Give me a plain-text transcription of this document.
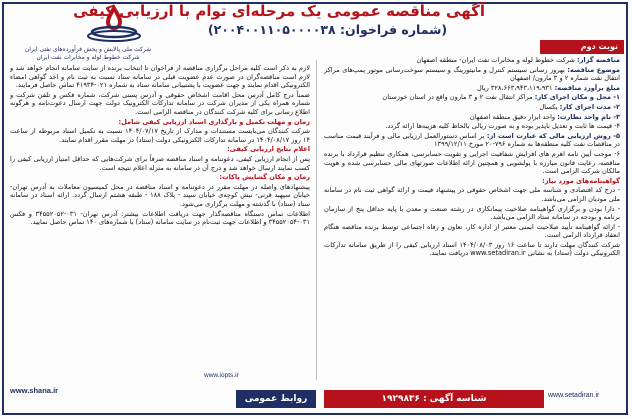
شرکت ملی پالایش و پخش فرآورده‌های نفتی ایران
شرکت خطوط لوله و مخابرات نفت ایران
آگهی مناقصه عمومی یک مرحله‌ای توام با ارزیابی کیفی
(شماره فراخوان: ۲۰۰۴۰۰۱۱۰۵۰۰۰۰۳۸)
نوبت دوم

مناقصه گزار: شرکت خطوط لوله و مخابرات نفت ایران- منطقه اصفهان

موضوع مناقصه: بهروز رسانی سیستم کنترل و مانیتورینگ و سیستم سوخت‌رسانی موتور پمپ‌های مراکز انتقال نفت شماره ۲ و ۳ مارون/ اصفهان

مبلغ برآورد مناقصه: ۳۲۸،۶۶۳،۹۴۳،۱۱۹،۹۳۱ ریال

۱- محل و مکان اجرای کار: مراکز انتقال نفت ۲ و ۳ مارون واقع در استان خوزستان

۲- مدت اجرای کار: یکسال

۳- نام واحد نظارت: واحد ابزار دقیق منطقه اصفهان

۴- قیمت ها ثابت و تعدیل ناپذیر بوده و به صورت ریالی بالحاظ کلیه هزینه‌ها ارائه گردد.

۵- روش ارزیابی مالی که عبارت است از: بر اساس دستورالعمل ارزیابی مالی و فرآیند قیمت مناسب در مناقصات نفت کلیه منطقه‌ها به شماره ۷۹۶-۲۰ مورخ ۱۳۹۹/۱۲/۱۱

۶- موجب آیین نامه اهرم های افزایش شفافیت اجرایی و تقویت حسابرسی، همکاری تنظیم قرارداد با برنده مناقصه، رعایت قانون مبارزه با پولشویی و همچنین ارائه اطلاعات صورتهای مالی حسابرسی شده و هویت مالکان شرکت الزامی است.

گواهینامه‌های مورد نیاز:

- درج کد اقتصادی و شناسه ملی جهت اشخاص حقوقی در پیشنهاد قیمت و ارائه گواهی ثبت نام در سامانه ملی مودیان الزامی می‌باشد.

- دارا بودن و برگزاری گواهینامه صلاحیت پیمانکاری در رشته صنعت و معدن با پایه حداقل پنج از سازمان برنامه و بودجه در سامانه ستاد الزامی می‌باشد.

- ارائه گواهینامه تأیید صلاحیت ایمنی معتبر از اداره کار، تعاون و رفاه اجتماعی توسط برنده مناقصه هنگام انعقاد قرارداد الزامی است.

شرکت کنندگان مهلت دارند تا ساعت ۱۶ روز ۱۴۰۴/۰۸/۰۳ اسناد ارزیابی کیفی را از طریق سامانه تدارکات الکترونیکی دولت (ستاد) به نشانی www.setadiran.ir دریافت نمایند.

لازم به ذکر است کلیه مراحل برگزاری مناقصه از فراخوان تا انتخاب برنده از سایت سامانه انجام خواهد شد و لازم است مناقصه‌گران در صورت عدم عضویت قبلی در سامانه ستاد نسبت به ثبت نام و اخذ گواهی امضاء الکترونیکی اقدام نمایند و جهت عضویت با پشتیبانی سامانه ستاد به شماره ۰۲۱-۴۱۹۳۴ تماس حاصل فرمایند.

ضمناً درج کامل آدرس محل اقامت اشخاص حقوقی و آدرس پستی شرکت، شماره فکس و تلفن شرکت و شماره همراه یکی از مدیران شرکت در سامانه تدارکات الکترونیک دولت جهت ارسال دعوت‌نامه و هرگونه اطلاع رسانی برای کلیه شرکت کنندگان در مناقصه الزامی است.

زمان و مهلت تکمیل و بارگذاری اسناد ارزیابی کیفی شامل:

شرکت کنندگان می‌بایست مستندات و مدارک از تاریخ ۱۴۰۴/۰۷/۱۷ نسبت به تکمیل اسناد مربوطه از ساعت ۱۴ روز ۱۴۰۴/۰۸/۱۷ در سامانه تدارکات الکترونیکی دولت (ستاد) در مهلت مقرر اقدام نمایند.

اعلام نتایج ارزیابی کیفی:

پس از انجام ارزیابی کیفی، دعوتنامه و اسناد مناقصه صرفاً برای شرکت‌هایی که حداقل امتیاز ارزیابی کیفی را کسب نمایند ارسال خواهد شد و درج آن در سامانه به منزله اعلام نتیجه است.

زمان و مکان گشایش پاکات:

پیشنهادهای واصله در مهلت مقرر در دعوتنامه و اسناد مناقصه در محل کمیسیون معاملات به آدرس تهران- خیابان سپهبد قرنی- نبش کوچه‌ی خیابان سپند - پلاک ۱۸۸ - طبقه هشتم ارسال گردد. ارائه اسناد در سامانه ستاد (ستاد) با گذشته و مهلت برگزاری می‌شود.

اطلاعات تماس دستگاه مناقصه‌گذار جهت دریافت اطلاعات بیشتر: آدرس تهران- ۰۳۱-۳۴۵۵۲۰۵۲ و فکس ۰۳۱-۳۴۵۵۲۰۵۴ و اطلاعات جهت ثبت‌نام در سایت سامانه (ستاد) با شماره‌های ۱۴۰ تماس حاصل نمایید.

www.shana.ir
www.iopts.ir
روابط عمومی	شناسه آگهی : ۱۹۲۹۸۳۶	www.setadiran.ir
